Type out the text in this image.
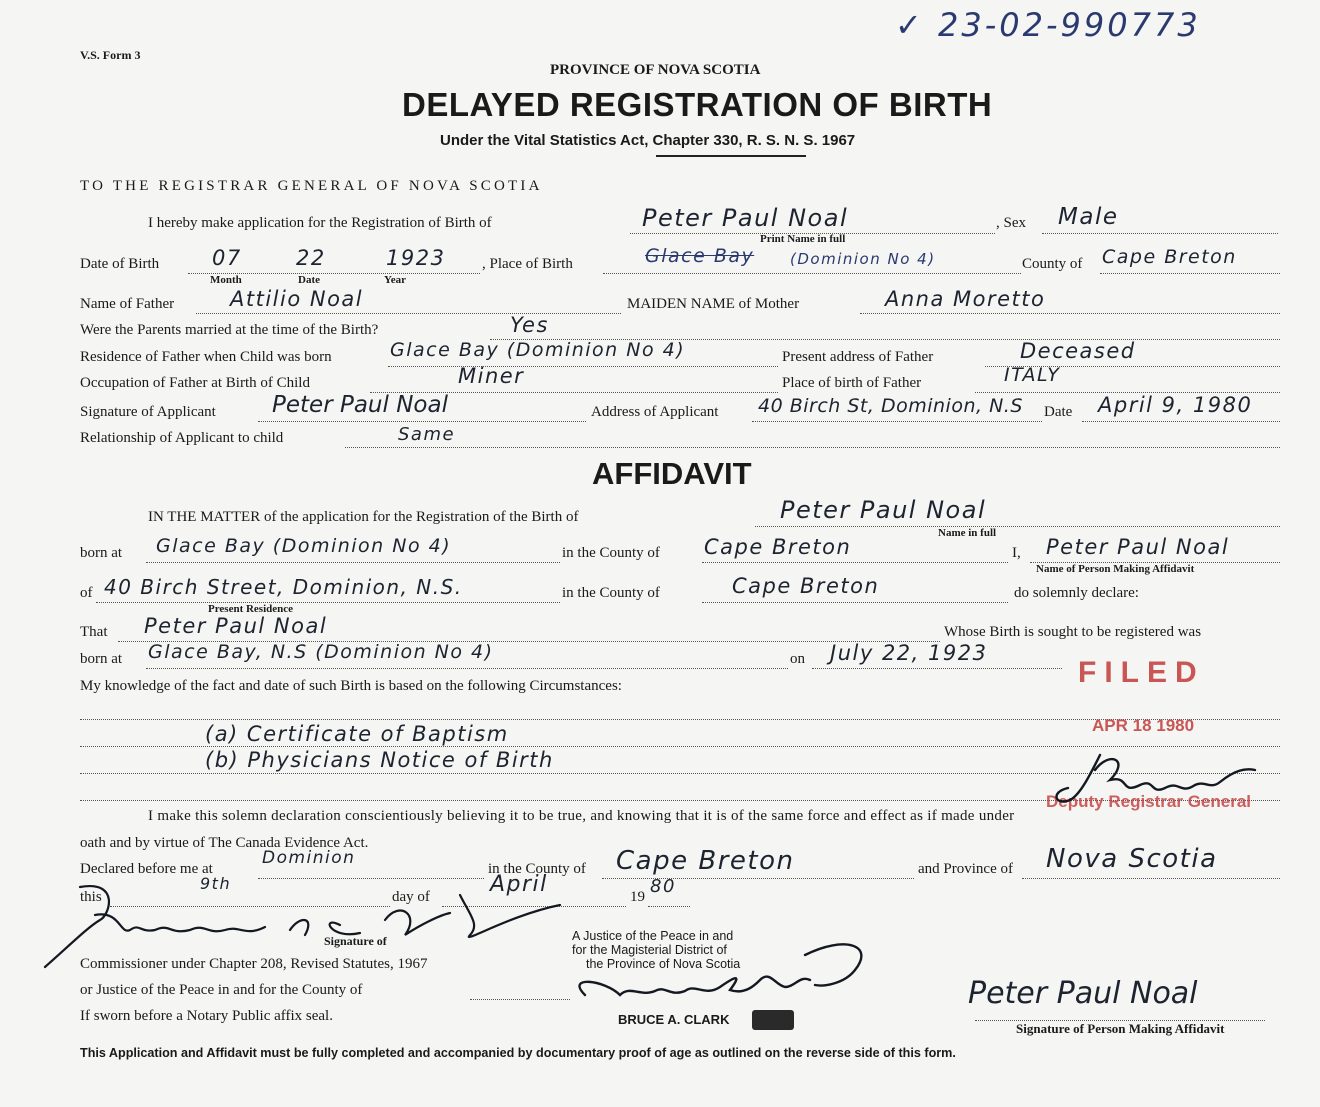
✓ 23-02-990773
V.S. Form 3
PROVINCE OF NOVA SCOTIA
DELAYED REGISTRATION OF BIRTH
Under the Vital Statistics Act, Chapter 330, R. S. N. S. 1967
TO THE REGISTRAR GENERAL OF NOVA SCOTIA
I hereby make application for the Registration of Birth of	Peter Paul Noal	, Sex Male
Print Name in full
Date of Birth	07	22	1923
Month	Date	Year
, Place of Birth	Glace Bay (Dominion No 4)	County of Cape Breton
Name of Father	Attilio Noal	MAIDEN NAME of Mother	Anna Moretto
Were the Parents married at the time of the Birth?	Yes
Residence of Father when Child was born	Glace Bay (Dominion No 4)	Present address of Father	Deceased
Occupation of Father at Birth of Child	Miner	Place of birth of Father	ITALY
Signature of Applicant Peter Paul Noal	Address of Applicant 40 Birch St, Dominion, N.S Date April 9, 1980
Relationship of Applicant to child	Same
AFFIDAVIT
IN THE MATTER of the application for the Registration of the Birth of	Peter Paul Noal
Name in full
born at Glace Bay (Dominion No 4)	in the County of Cape Breton	I, Peter Paul Noal
Name of Person Making Affidavit
of 40 Birch Street, Dominion, N.S.
Present Residence
in the County of	Cape Breton	do solemnly declare:
That Peter Paul Noal	Whose Birth is sought to be registered was
born at Glace Bay, N.S (Dominion No 4)	on July 22, 1923
My knowledge of the fact and date of such Birth is based on the following Circumstances:
(a) Certificate of Baptism
(b) Physicians Notice of Birth
I make this solemn declaration conscientiously believing it to be true, and knowing that it is of the same force and effect as if made under
oath and by virtue of The Canada Evidence Act.
Declared before me at
Dominion
in the County of Cape Breton	and Province of Nova Scotia
this
9th
day of	April	19 80
Signature of
Commissioner under Chapter 208, Revised Statutes, 1967
or Justice of the Peace in and for the County of
If sworn before a Notary Public affix seal.
A Justice of the Peace in and
for the Magisterial District of
the Province of Nova Scotia
BRUCE A. CLARK
Peter Paul Noal
Signature of Person Making Affidavit
FILED
APR 18 1980
Deputy Registrar General
This Application and Affidavit must be fully completed and accompanied by documentary proof of age as outlined on the reverse side of this form.
